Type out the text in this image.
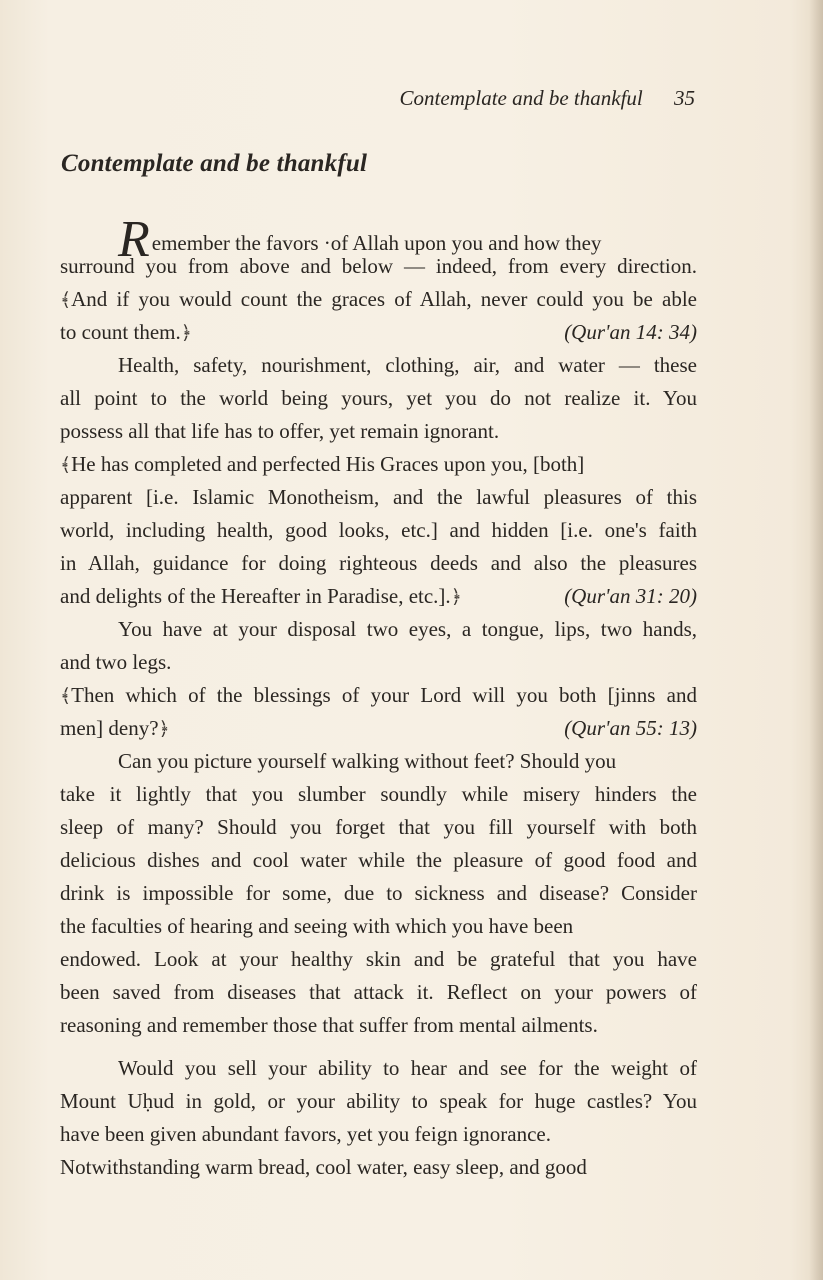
Contemplate and be thankful 35
Contemplate and be thankful
Remember the favors ·of Allah upon you and how they
surround you from above and below — indeed, from every direction.
﴾And if you would count the graces of Allah, never could you be able
to count them.﴿	(Qur'an 14: 34)
Health, safety, nourishment, clothing, air, and water — these
all point to the world being yours, yet you do not realize it. You
possess all that life has to offer, yet remain ignorant.
﴾He has completed and perfected His Graces upon you, [both]
apparent [i.e. Islamic Monotheism, and the lawful pleasures of this
world, including health, good looks, etc.] and hidden [i.e. one's faith
in Allah, guidance for doing righteous deeds and also the pleasures
and delights of the Hereafter in Paradise, etc.].﴿	(Qur'an 31: 20)
You have at your disposal two eyes, a tongue, lips, two hands,
and two legs.
﴾Then which of the blessings of your Lord will you both [jinns and
men] deny?﴿	(Qur'an 55: 13)
Can you picture yourself walking without feet? Should you
take it lightly that you slumber soundly while misery hinders the
sleep of many? Should you forget that you fill yourself with both
delicious dishes and cool water while the pleasure of good food and
drink is impossible for some, due to sickness and disease? Consider
the faculties of hearing and seeing with which you have been
endowed. Look at your healthy skin and be grateful that you have
been saved from diseases that attack it. Reflect on your powers of
reasoning and remember those that suffer from mental ailments.
Would you sell your ability to hear and see for the weight of
Mount Uḥud in gold, or your ability to speak for huge castles? You
have been given abundant favors, yet you feign ignorance.
Notwithstanding warm bread, cool water, easy sleep, and good
